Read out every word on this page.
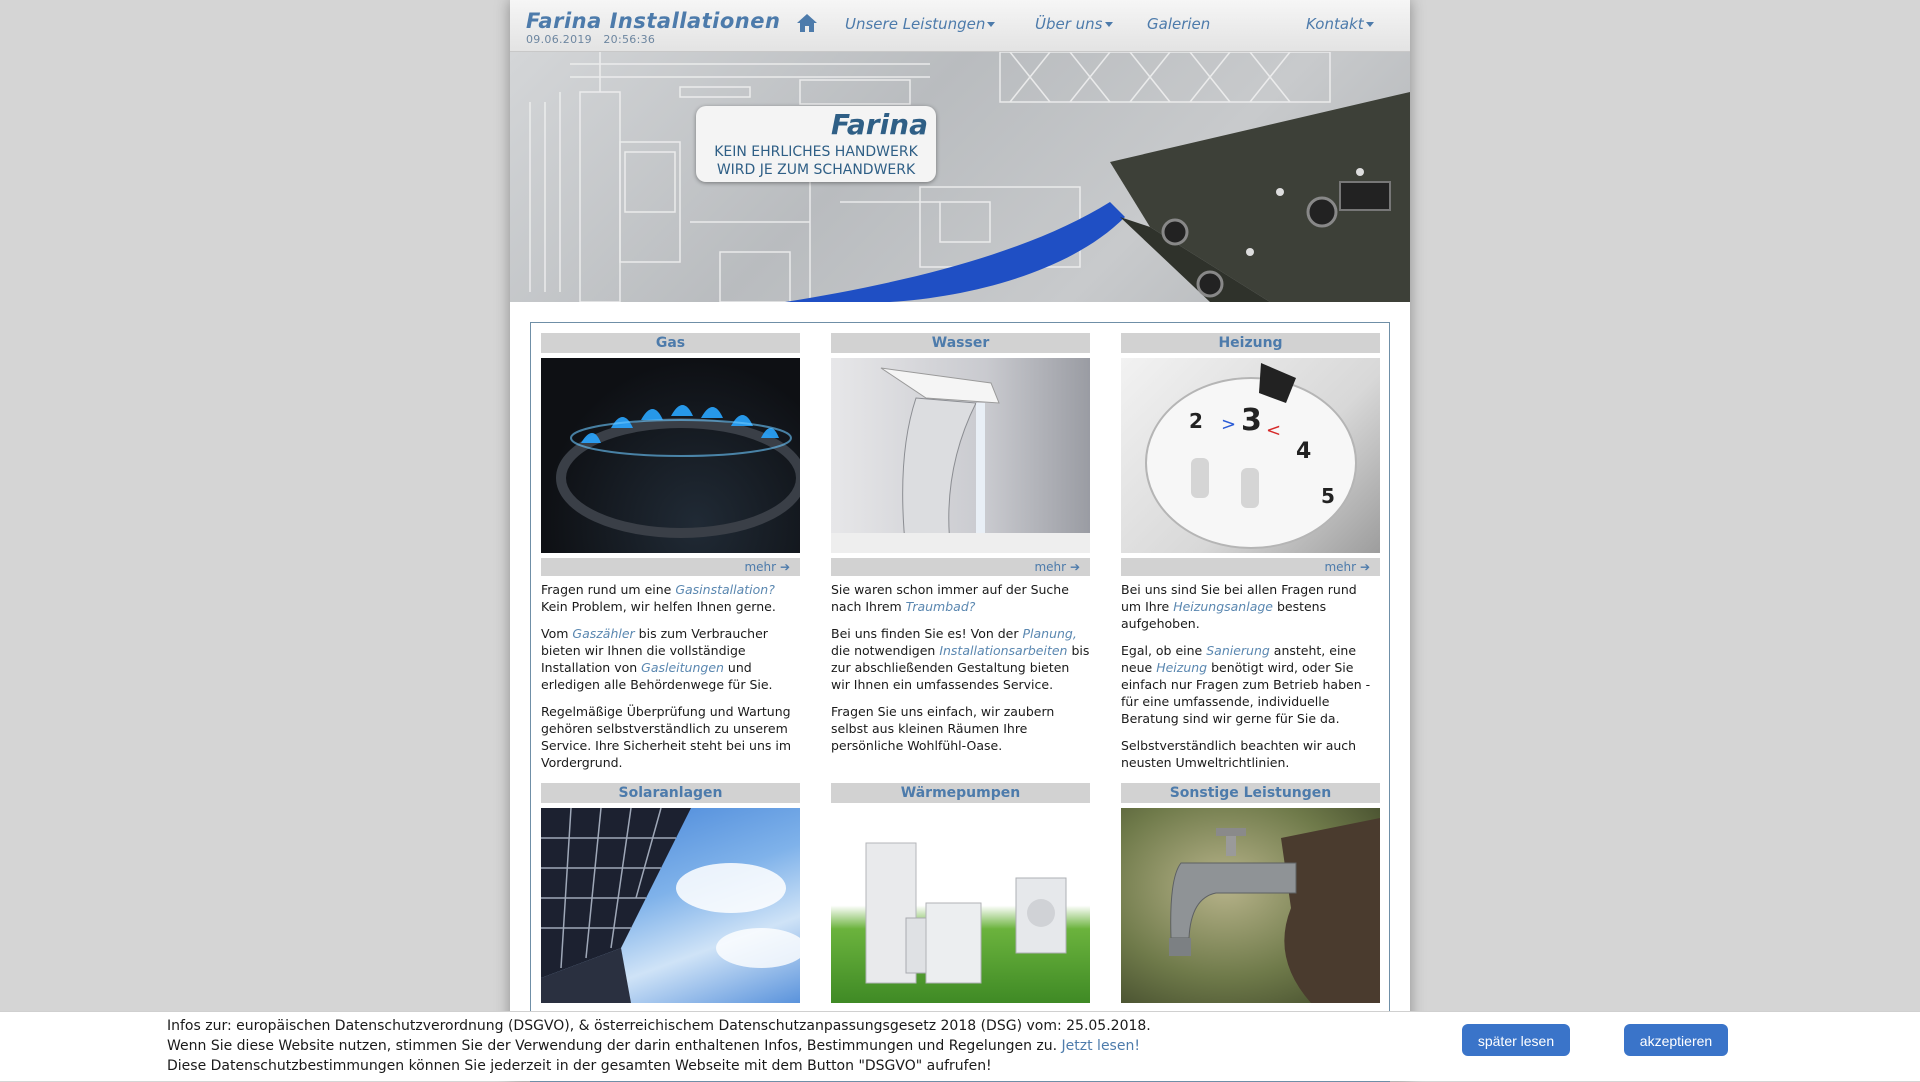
Farina Installationen
09.06.2019 20:56:36
Unsere Leistungen	Über uns	Galerien	Kontakt
Farina
KEIN EHRLICHES HANDWERK
WIRD JE ZUM SCHANDWERK
Gas
mehr ➔

Fragen rund um eine Gasinstallation? Kein Problem, wir helfen Ihnen gerne.

Vom Gaszähler bis zum Verbraucher bieten wir Ihnen die vollständige Installation von Gasleitungen und erledigen alle Behördenwege für Sie.

Regelmäßige Überprüfung und Wartung gehören selbstverständlich zu unserem Service. Ihre Sicherheit steht bei uns im Vordergrund.

Wasser
mehr ➔

Sie waren schon immer auf der Suche nach Ihrem Traumbad?

Bei uns finden Sie es! Von der Planung, die notwendigen Installationsarbeiten bis zur abschließenden Gestaltung bieten wir Ihnen ein umfassendes Service.

Fragen Sie uns einfach, wir zaubern selbst aus kleinen Räumen Ihre persönliche Wohlfühl-Oase.

Heizung
2 > 3 <
4
5
mehr ➔

Bei uns sind Sie bei allen Fragen rund um Ihre Heizungsanlage bestens aufgehoben.

Egal, ob eine Sanierung ansteht, eine neue Heizung benötigt wird, oder Sie einfach nur Fragen zum Betrieb haben - für eine umfassende, individuelle Beratung sind wir gerne für Sie da.

Selbstverständlich beachten wir auch neusten Umweltrichtlinien.

Solaranlagen	Wärmepumpen	Sonstige Leistungen
Infos zur: europäischen Datenschutzverordnung (DSGVO), & österreichischem Datenschutzanpassungsgesetz 2018 (DSG) vom: 25.05.2018.
Wenn Sie diese Website nutzen, stimmen Sie der Verwendung der darin enthaltenen Infos, Bestimmungen und Regelungen zu. Jetzt lesen!
Diese Datenschutzbestimmungen können Sie jederzeit in der gesamten Webseite mit dem Button "DSGVO" aufrufen!
später lesen	akzeptieren
